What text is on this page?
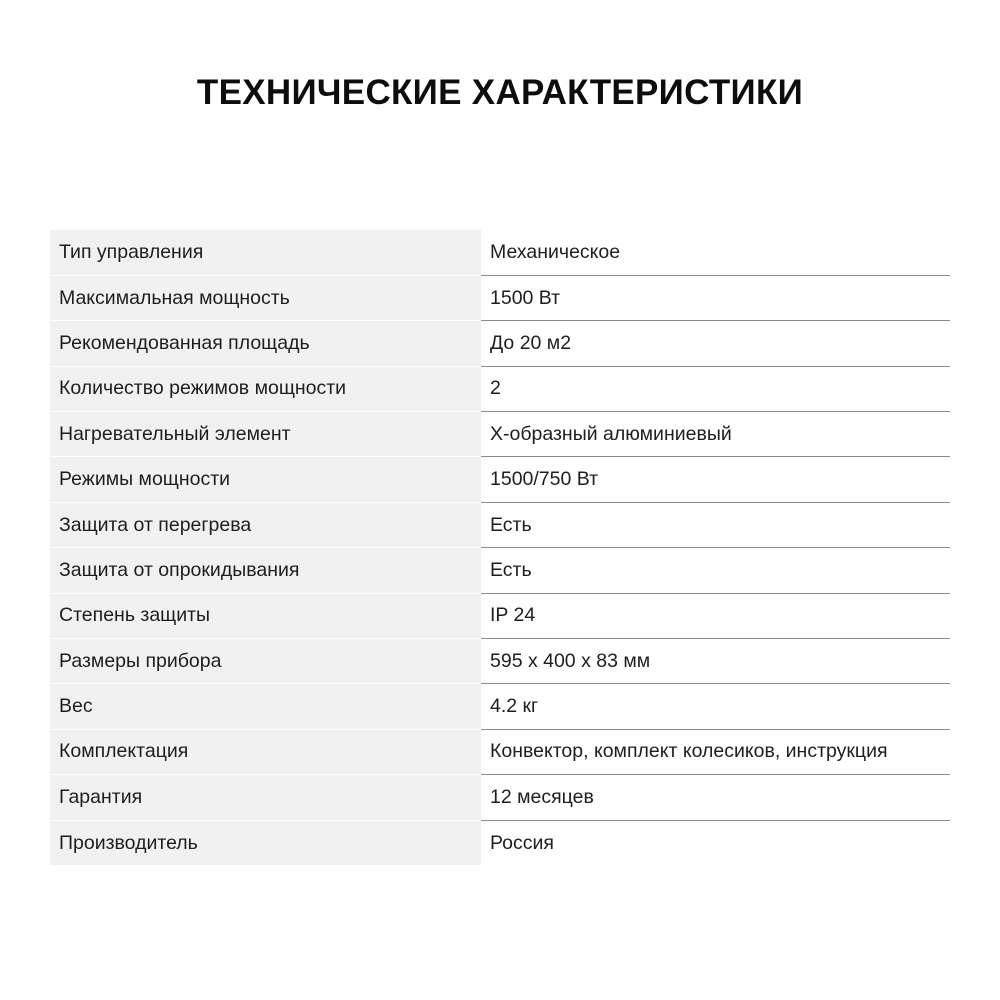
ТЕХНИЧЕСКИЕ ХАРАКТЕРИСТИКИ
Тип управления	Механическое
Максимальная мощность	1500 Вт
Рекомендованная площадь	До 20 м2
Количество режимов мощности	2
Нагревательный элемент	Х-образный алюминиевый
Режимы мощности	1500/750 Вт
Защита от перегрева	Есть
Защита от опрокидывания	Есть
Степень защиты	IP 24
Размеры прибора	595 х 400 х 83 мм
Вес	4.2 кг
Комплектация	Конвектор, комплект колесиков, инструкция
Гарантия	12 месяцев
Производитель	Россия
